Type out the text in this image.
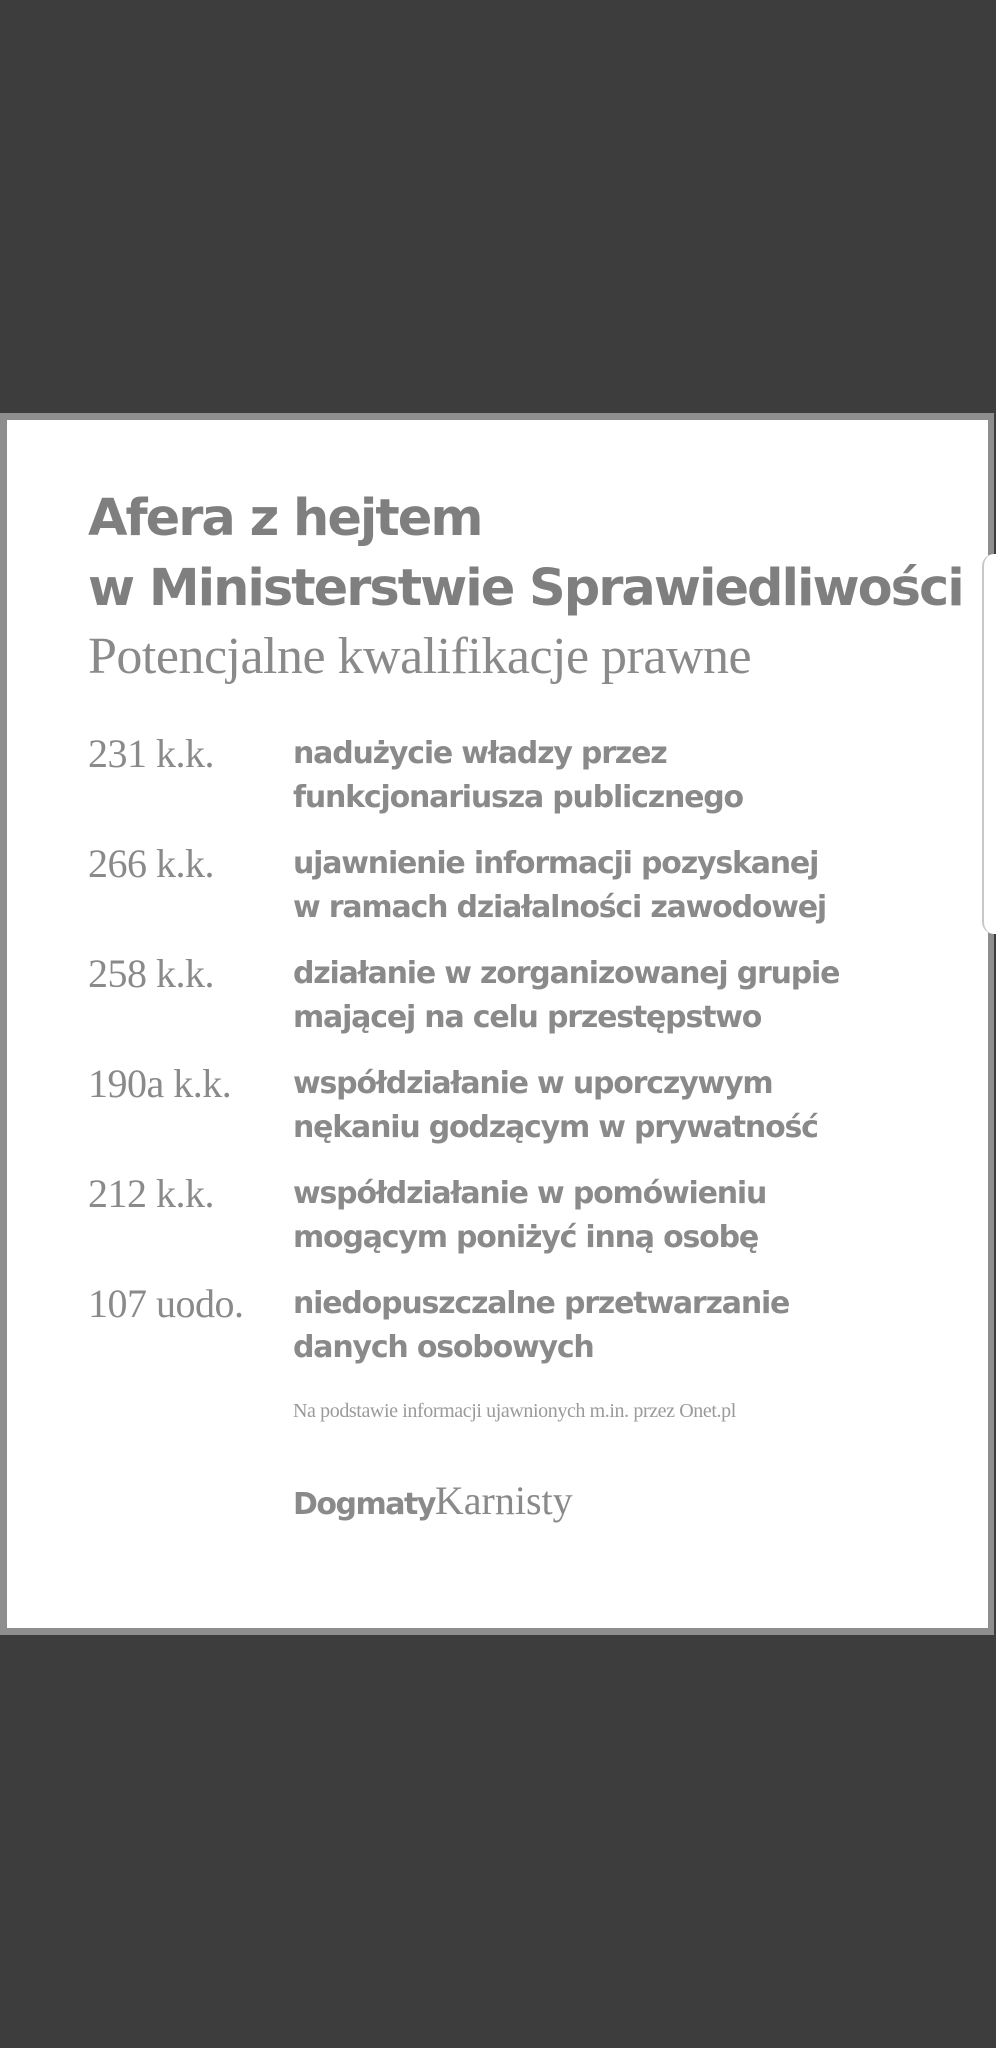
Afera z hejtem
w Ministerstwie Sprawiedliwości

Potencjalne kwalifikacje prawne

231 k.k.	nadużycie władzy przez
funkcjonariusza publicznego
266 k.k.	ujawnienie informacji pozyskanej
w ramach działalności zawodowej
258 k.k.	działanie w zorganizowanej grupie
mającej na celu przestępstwo
190a k.k.	współdziałanie w uporczywym
nękaniu godzącym w prywatność
212 k.k.	współdziałanie w pomówieniu
mogącym poniżyć inną osobę
107 uodo.	niedopuszczalne przetwarzanie
danych osobowych
Na podstawie informacji ujawnionych m.in. przez Onet.pl
DogmatyKarnisty
